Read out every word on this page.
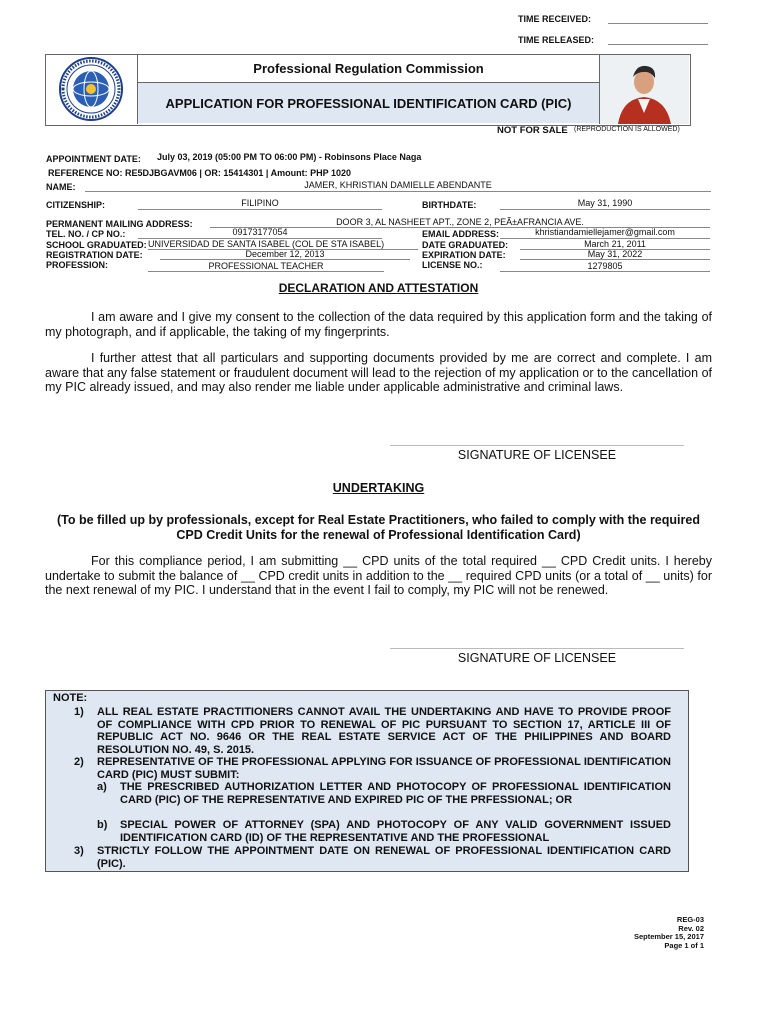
TIME RECEIVED:
TIME RELEASED:
Professional Regulation Commission
APPLICATION FOR PROFESSIONAL IDENTIFICATION CARD (PIC)
NOT FOR SALE (REPRODUCTION IS ALLOWED)
APPOINTMENT DATE: July 03, 2019 (05:00 PM TO 06:00 PM) - Robinsons Place Naga
REFERENCE NO: RE5DJBGAVM06 | OR: 15414301 | Amount: PHP 1020
NAME:	JAMER, KHRISTIAN DAMIELLE ABENDANTE
CITIZENSHIP:	FILIPINO	BIRTHDATE:	May 31, 1990
PERMANENT MAILING ADDRESS:	DOOR 3, AL NASHEET APT., ZONE 2, PEÃ±AFRANCIA AVE.
TEL. NO. / CP NO.:	09173177054	EMAIL ADDRESS:	khristiandamiellejamer@gmail.com
SCHOOL GRADUATED: UNIVERSIDAD DE SANTA ISABEL (COL DE STA ISABEL)	DATE GRADUATED:	March 21, 2011
REGISTRATION DATE:	December 12, 2013	EXPIRATION DATE:	May 31, 2022
PROFESSION:	PROFESSIONAL TEACHER	LICENSE NO.:	1279805
DECLARATION AND ATTESTATION
I am aware and I give my consent to the collection of the data required by this application form and the taking of my photograph, and if applicable, the taking of my fingerprints.
I further attest that all particulars and supporting documents provided by me are correct and complete. I am aware that any false statement or fraudulent document will lead to the rejection of my application or to the cancellation of my PIC already issued, and may also render me liable under applicable administrative and criminal laws.
SIGNATURE OF LICENSEE
UNDERTAKING
(To be filled up by professionals, except for Real Estate Practitioners, who failed to comply with the required CPD Credit Units for the renewal of Professional Identification Card)
For this compliance period, I am submitting __ CPD units of the total required __ CPD Credit units. I hereby undertake to submit the balance of __ CPD credit units in addition to the __ required CPD units (or a total of __ units) for the next renewal of my PIC. I understand that in the event I fail to comply, my PIC will not be renewed.
SIGNATURE OF LICENSEE
NOTE:
1) ALL REAL ESTATE PRACTITIONERS CANNOT AVAIL THE UNDERTAKING AND HAVE TO PROVIDE PROOF OF COMPLIANCE WITH CPD PRIOR TO RENEWAL OF PIC PURSUANT TO SECTION 17, ARTICLE III OF REPUBLIC ACT NO. 9646 OR THE REAL ESTATE SERVICE ACT OF THE PHILIPPINES AND BOARD RESOLUTION NO. 49, S. 2015.
2) REPRESENTATIVE OF THE PROFESSIONAL APPLYING FOR ISSUANCE OF PROFESSIONAL IDENTIFICATION CARD (PIC) MUST SUBMIT:
a) THE PRESCRIBED AUTHORIZATION LETTER AND PHOTOCOPY OF PROFESSIONAL IDENTIFICATION CARD (PIC) OF THE REPRESENTATIVE AND EXPIRED PIC OF THE PRFESSIONAL; OR
b) SPECIAL POWER OF ATTORNEY (SPA) AND PHOTOCOPY OF ANY VALID GOVERNMENT ISSUED IDENTIFICATION CARD (ID) OF THE REPRESENTATIVE AND THE PROFESSIONAL
3) STRICTLY FOLLOW THE APPOINTMENT DATE ON RENEWAL OF PROFESSIONAL IDENTIFICATION CARD (PIC).
REG-03
Rev. 02
September 15, 2017
Page 1 of 1
